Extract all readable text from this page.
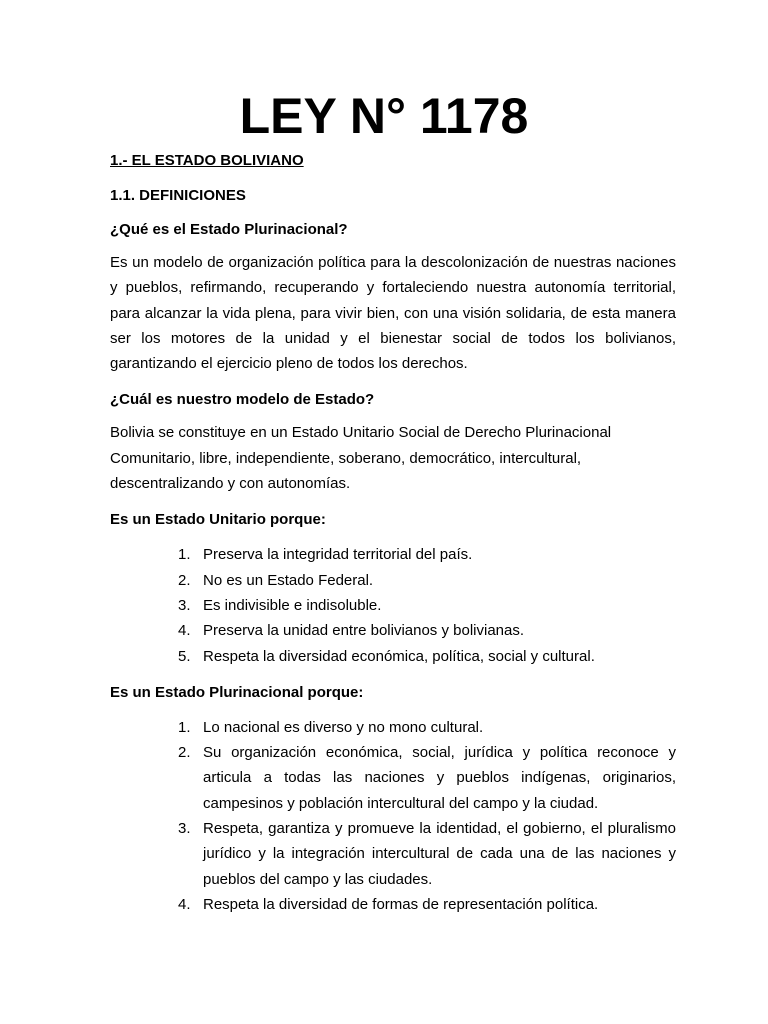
LEY N° 1178

1.- EL ESTADO BOLIVIANO

1.1. DEFINICIONES

¿Qué es el Estado Plurinacional?

Es un modelo de organización política para la descolonización de nuestras naciones y pueblos, refirmando, recuperando y fortaleciendo nuestra autonomía territorial, para alcanzar la vida plena, para vivir bien, con una visión solidaria, de esta manera ser los motores de la unidad y el bienestar social de todos los bolivianos, garantizando el ejercicio pleno de todos los derechos.

¿Cuál es nuestro modelo de Estado?

Bolivia se constituye en un Estado Unitario Social de Derecho Plurinacional Comunitario, libre, independiente, soberano, democrático, intercultural, descentralizando y con autonomías.

Es un Estado Unitario porque:

1. Preserva la integridad territorial del país.
2. No es un Estado Federal.
3. Es indivisible e indisoluble.
4. Preserva la unidad entre bolivianos y bolivianas.
5. Respeta la diversidad económica, política, social y cultural.

Es un Estado Plurinacional porque:

1. Lo nacional es diverso y no mono cultural.
2. Su organización económica, social, jurídica y política reconoce y articula a todas las naciones y pueblos indígenas, originarios, campesinos y población intercultural del campo y la ciudad.
3. Respeta, garantiza y promueve la identidad, el gobierno, el pluralismo jurídico y la integración intercultural de cada una de las naciones y pueblos del campo y las ciudades.
4. Respeta la diversidad de formas de representación política.
